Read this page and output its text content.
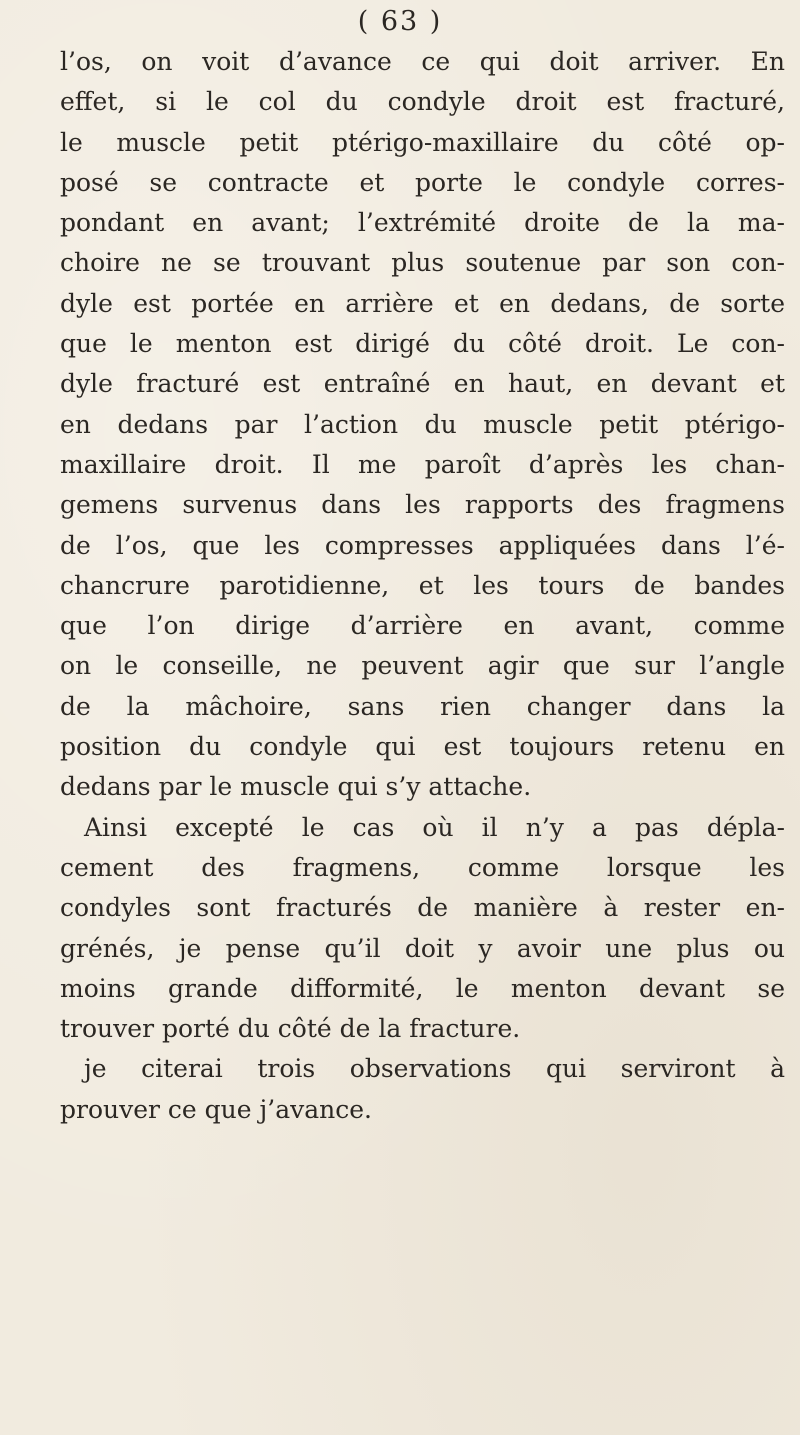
( 63 )
l’os, on voit d’avance ce qui doit arriver. En
effet, si le col du condyle droit est fracturé,
le muscle petit ptérigo-maxillaire du côté op-
posé se contracte et porte le condyle corres-
pondant en avant; l’extrémité droite de la ma-
choire ne se trouvant plus soutenue par son con-
dyle est portée en arrière et en dedans, de sorte
que le menton est dirigé du côté droit. Le con-
dyle fracturé est entraîné en haut, en devant et
en dedans par l’action du muscle petit ptérigo-
maxillaire droit. Il me paroît d’après les chan-
gemens survenus dans les rapports des fragmens
de l’os, que les compresses appliquées dans l’é-
chancrure parotidienne, et les tours de bandes
que l’on dirige d’arrière en avant, comme
on le conseille, ne peuvent agir que sur l’angle
de la mâchoire, sans rien changer dans la
position du condyle qui est toujours retenu en
dedans par le muscle qui s’y attache.
Ainsi excepté le cas où il n’y a pas dépla-
cement des fragmens, comme lorsque les
condyles sont fracturés de manière à rester en-
grénés, je pense qu’il doit y avoir une plus ou
moins grande difformité, le menton devant se
trouver porté du côté de la fracture.
je citerai trois observations qui serviront à
prouver ce que j’avance.
